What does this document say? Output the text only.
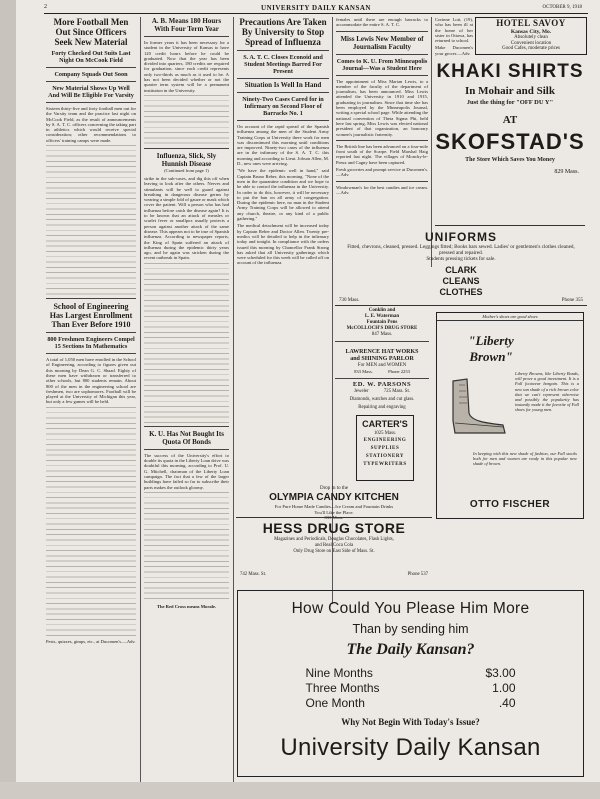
2	UNIVERSITY DAILY KANSAN	OCTOBER 9, 1918
More Football Men Out Since Officers Seek New Material
Forty Checked Out Suits Last Night On McCook Field
Company Squads Out Soon
New Material Shows Up Well And Will Be Eligible For Varsity

Sixteen thirty-five and forty football men out for the Varsity team and the practice last night on McCook Field, as the result of announcements by S. A. T. C. officers concerning the taking part in athletics which would receive special consideration; other recommendations to officers' training camps were made.

School of Engineering Has Largest Enrollment Than Ever Before 1910
800 Freshmen Engineers Compel 15 Sections In Mathematics

A total of 1,050 men have enrolled in the School of Engineering, according to figures given out this morning by Dean G. C. Shaad. Eighty of these men have withdrawn or transferred to other schools, but 800 students remain. About 800 of the men in the engineering school are freshmen, two are sophomores. Football will be played at the University of Michigan this year, but only a few games will be held.

Pests, quizzes, gimps, etc., at Ducomen's.—Adv.

A. B. Means 180 Hours With Four Term Year

In former years it has been necessary for a student in the University of Kansas to have 120 credit hours before he could be graduated. Now that the year has been divided into quarters, 180 credits are required for graduation, since each credit represents only two-thirds as much as it used to be. A has not been decided whether or not the quarter term system will be a permanent institution in the University.

Influenza, Slick, Sly Hunnish Disease
(Continued from page 1)

strike in the sub-cases, and dig this off when leaving to look after the others. Nerves and stimulants will be well to guard against breathing in dangerous disease germs by wearing a simple fold of gauze or mask which cover the patient. Will a person who has had influenza before catch the disease again? It is to be known that an attack of measles or scarlet fever or smallpox usually protects a person against another attack of the same disease. This appears not to be true of Spanish influenza. According to newspaper reports, the King of Spain suffered an attack of influenza during the epidemic thirty years ago, and he again was stricken during the recent outbreak in Spain.

K. U. Has Not Bought Its Quota Of Bonds

The success of the University's effort to double its quota in the Liberty Loan drive was doubtful this morning, according to Prof. U. G. Mitchell, chairman of the Liberty Loan campaign. The fact that a few of the larger buildings have failed so far to subscribe their parts makes the outlook gloomy.

The Red Cross means Morale.

Precautions Are Taken By University to Stop Spread of Influenza
S. A. T. C. Closes Econoid and Student Meetings Barred For Present
Situation Is Well In Hand
Ninety-Two Cases Cared for in Infirmary on Second Floor of Barracks No. 1

On account of the rapid spread of the Spanish influenza among the men of the Student Army Training Corps at University there work for men was discontinued this morning until conditions are improved. Ninety-two cases of the influenza are in the infirmary of the S. A. T. C. this morning and according to Lieut. Jobson Allen, M. D., new ones were arriving.

"We have the epidemic well in hand," said Captain Bruno Reber, this morning. "None of the men in the quarantine condition and we hope to be able to control the influenza in the University. In order to do this, however, it will be necessary to put the ban on all army of congregation. During the epidemic here, no man in the Student Army Training Corps will be allowed to attend any church, theatre, or any kind of a public gathering."

The medical detachment will be increased today by Captain Reber and Doctor Allen. Twenty pre-medics will be detailed to help in the infirmary today and tonight. In compliance with the orders issued this morning by Chancellor Frank Strong has asked that all University gatherings which were scheduled for this week will be called off on account of the influenza.

females until there are enough barracks to accommodate the entire S. A. T. C.

Miss Lewis New Member of Journalism Faculty
Comes to K. U. From Minneapolis Journal—Was a Student Here

The appointment of Miss Marian Lewis, to a member of the faculty of the department of journalism, has been announced. Miss Lewis attended the University in 1910 and 1915, graduating in journalism. Since that time she has been employed by the Minneapolis Journal, writing a special school page. While attending the national convention of Theta Sigma Phi, held here last spring, Miss Lewis was elected national president of that organization, an honorary women's journalistic fraternity.

The British line has been advanced on a four-mile front south of the Scarpe. Field Marshal Haig reported last night. The villages of Monchy-le-Preux and Cagny have been captured.

Fresh groceries and prompt service at Ducomen's.—Adv.

Windowman's for the best candies and ice cream.—Adv.

Corinne Lott, (19), who has been ill at the home of her sister in Ottawa, has returned to school.

Make Ducomen's your grocer.—Adv.

HOTEL SAVOY
Kansas City, Mo.
Absolutely clean
Convenient location
Good Cafes, moderate prices
KHAKI SHIRTS
In Mohair and Silk
Just the thing for "OFF DU Y"
AT
SKOFSTAD'S
The Store Which Saves You Money
829 Mass.
UNIFORMS
Fitted, chevrons, cleaned, pressed. Leggings fitted; Books bars sewed. Ladies' or gentlemen's clothes cleaned, pressed and repaired.
Students pressing tickets for sale.
CLARK CLEANS CLOTHES
730 Mass.	Phone 355
Conklin and
L. E. Waterman
Fountain Pens
McCOLLOCH'S DRUG STORE
847 Mass.
LAWRENCE HAT WORKS
and SHINING PARLOR
For MEN and WOMEN
833 Mass.	Phone 2253
ED. W. PARSONS
Jeweler	725 Mass. St.
Diamonds, watches and cut glass.
Repairing and engraving
CARTER'S
1025 Mass.
ENGINEERING
SUPPLIES
STATIONERY
TYPEWRITERS
Mother's shoes are good shoes
"Liberty Brown"
Liberty Browns, like Liberty Bonds, will prove a good investment. It is a Fall footwear bargain. This is a new tan shade of a rich brown color that we can't represent otherwise and possibly the popularity has instantly made it the favorite of Fall shoes for young men.
In keeping with this new shade of fashion, our Fall stocks both for men and women are ready in this popular new shade of brown.
OTTO FISCHER
Drop in to the
OLYMPIA CANDY KITCHEN
For Pure Home Made Candies—Ice Cream and Fountain Drinks
You'll Like the Place.
833 Mass.
HESS DRUG STORE
Magazines and Periodicals, Douglas Chocolates, Flash Lights,
and Real Coca Cola
Only Drug Store on East Side of Mass. St.
742 Mass. St.	Phone 537
How Could You Please Him More
Than by sending him
The Daily Kansan?
Nine Months	$3.00
Three Months	1.00
One Month	.40
Why Not Begin With Today's Issue?
University Daily Kansan
